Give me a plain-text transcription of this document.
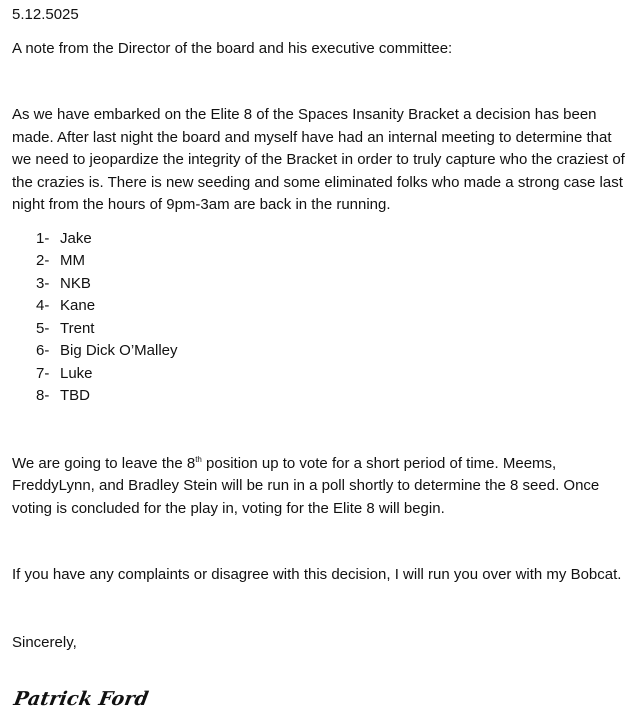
5.12.5025

A note from the Director of the board and his executive committee:

As we have embarked on the Elite 8 of the Spaces Insanity Bracket a decision has been made. After last night the board and myself have had an internal meeting to determine that we need to jeopardize the integrity of the Bracket in order to truly capture who the craziest of the crazies is. There is new seeding and some eliminated folks who made a strong case last night from the hours of 9pm-3am are back in the running.

1- Jake
2- MM
3- NKB
4- Kane
5- Trent
6- Big Dick O’Malley
7- Luke
8- TBD

We are going to leave the 8th position up to vote for a short period of time. Meems, FreddyLynn, and Bradley Stein will be run in a poll shortly to determine the 8 seed. Once voting is concluded for the play in, voting for the Elite 8 will begin.

If you have any complaints or disagree with this decision, I will run you over with my Bobcat.

Sincerely,

Patrick Ford
